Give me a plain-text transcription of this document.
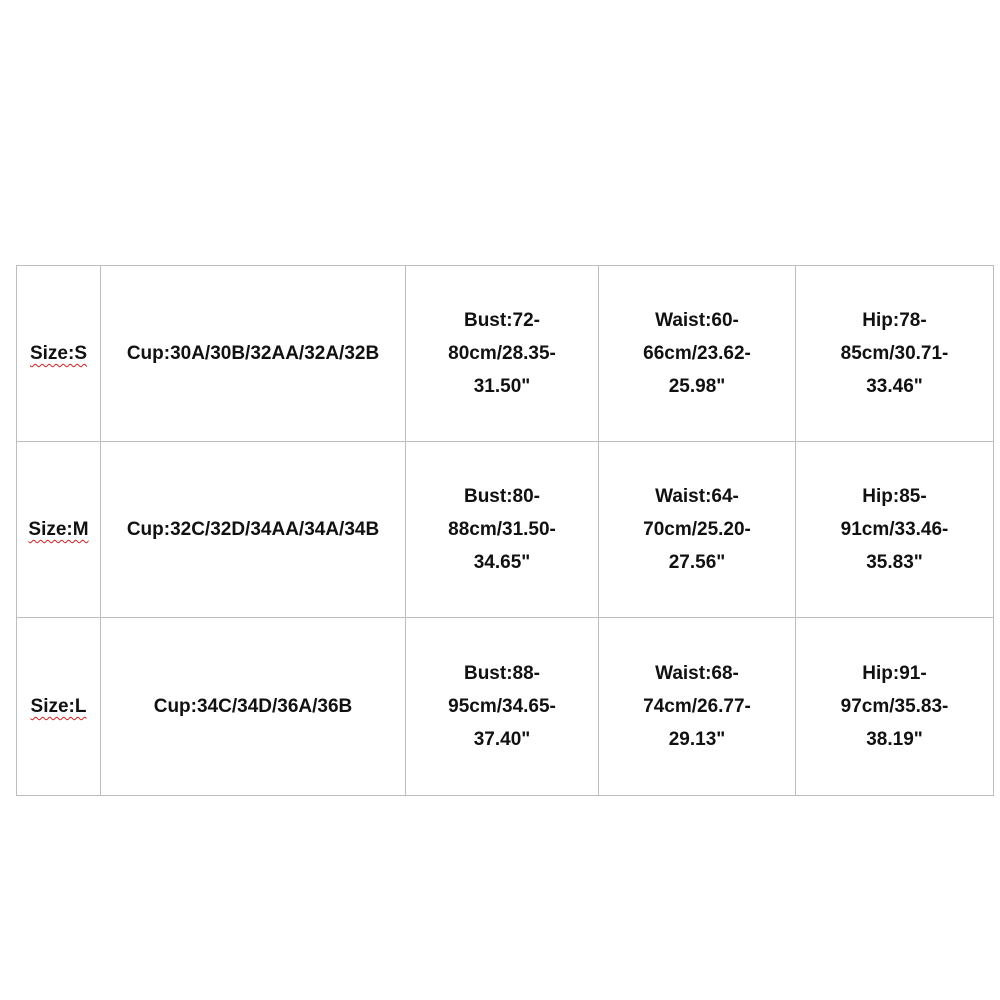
Size:S	Cup:30A/30B/32AA/32A/32B	Bust:72-
80cm/28.35-
31.50"	Waist:60-
66cm/23.62-
25.98"	Hip:78-
85cm/30.71-
33.46"

Size:M	Cup:32C/32D/34AA/34A/34B	Bust:80-
88cm/31.50-
34.65"	Waist:64-
70cm/25.20-
27.56"	Hip:85-
91cm/33.46-
35.83"

Size:L	Cup:34C/34D/36A/36B	Bust:88-
95cm/34.65-
37.40"	Waist:68-
74cm/26.77-
29.13"	Hip:91-
97cm/35.83-
38.19"
